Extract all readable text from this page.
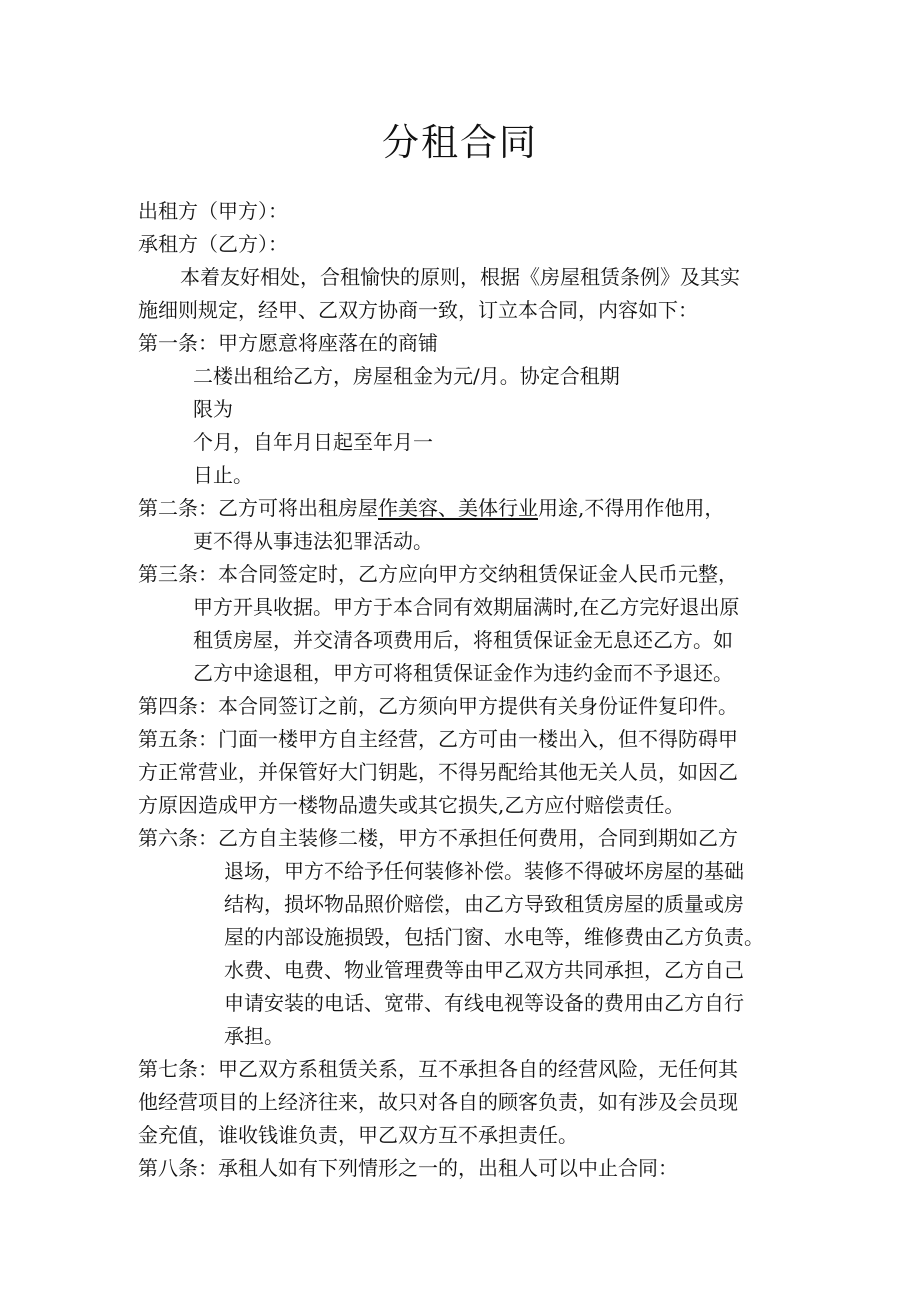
分租合同
出租方（甲方）：
承租方（乙方）：
本着友好相处，合租愉快的原则，根据《房屋租赁条例》及其实
施细则规定，经甲、乙双方协商一致，订立本合同，内容如下：
第一条：甲方愿意将座落在的商铺
二楼出租给乙方，房屋租金为元/月。协定合租期
限为
个月，自年月日起至年月一
日止。
第二条：乙方可将出租房屋作美容、美体行业用途,不得用作他用，
更不得从事违法犯罪活动。
第三条：本合同签定时，乙方应向甲方交纳租赁保证金人民币元整，
甲方开具收据。甲方于本合同有效期届满时,在乙方完好退出原
租赁房屋，并交清各项费用后，将租赁保证金无息还乙方。如
乙方中途退租，甲方可将租赁保证金作为违约金而不予退还。
第四条：本合同签订之前，乙方须向甲方提供有关身份证件复印件。
第五条：门面一楼甲方自主经营，乙方可由一楼出入，但不得防碍甲
方正常营业，并保管好大门钥匙，不得另配给其他无关人员，如因乙
方原因造成甲方一楼物品遗失或其它损失,乙方应付赔偿责任。
第六条：乙方自主装修二楼，甲方不承担任何费用，合同到期如乙方
退场，甲方不给予任何装修补偿。装修不得破坏房屋的基础
结构，损坏物品照价赔偿，由乙方导致租赁房屋的质量或房
屋的内部设施损毁，包括门窗、水电等，维修费由乙方负责。
水费、电费、物业管理费等由甲乙双方共同承担，乙方自己
申请安装的电话、宽带、有线电视等设备的费用由乙方自行
承担。
第七条：甲乙双方系租赁关系，互不承担各自的经营风险，无任何其
他经营项目的上经济往来，故只对各自的顾客负责，如有涉及会员现
金充值，谁收钱谁负责，甲乙双方互不承担责任。
第八条：承租人如有下列情形之一的，出租人可以中止合同：
